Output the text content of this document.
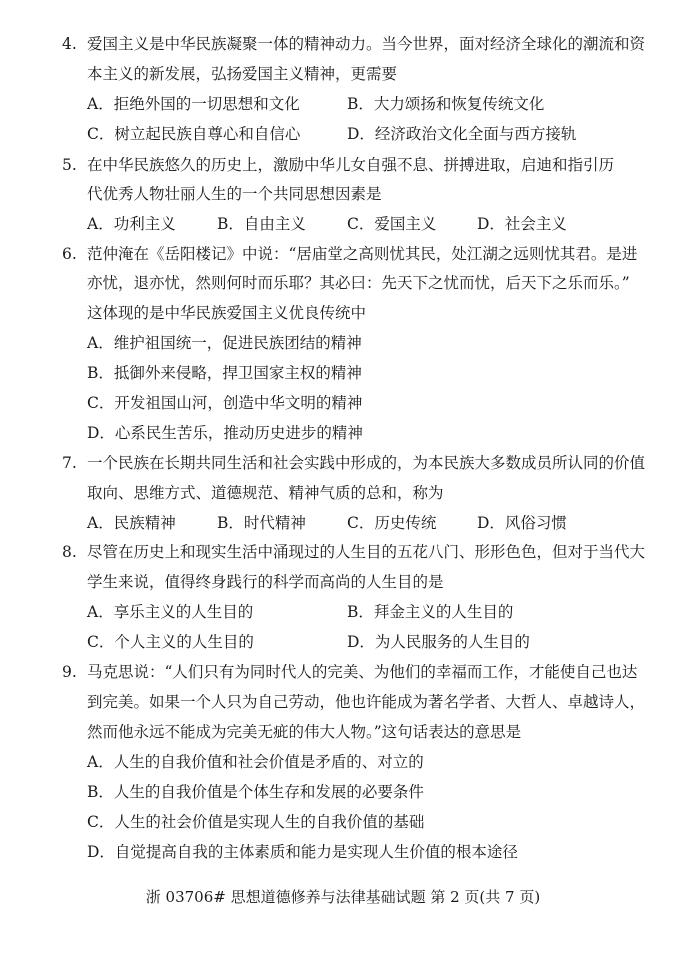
4. 爱国主义是中华民族凝聚一体的精神动力。当今世界，面对经济全球化的潮流和资
本主义的新发展，弘扬爱国主义精神，更需要
A．拒绝外国的一切思想和文化	B．大力颂扬和恢复传统文化
C．树立起民族自尊心和自信心	D．经济政治文化全面与西方接轨
5. 在中华民族悠久的历史上，激励中华儿女自强不息、拼搏进取，启迪和指引历
代优秀人物壮丽人生的一个共同思想因素是
A．功利主义	B．自由主义	C．爱国主义	D．社会主义
6. 范仲淹在《岳阳楼记》中说：“居庙堂之高则忧其民，处江湖之远则忧其君。是进
亦忧，退亦忧，然则何时而乐耶？其必曰：先天下之忧而忧，后天下之乐而乐。”
这体现的是中华民族爱国主义优良传统中
A．维护祖国统一，促进民族团结的精神
B．抵御外来侵略，捍卫国家主权的精神
C．开发祖国山河，创造中华文明的精神
D．心系民生苦乐，推动历史进步的精神
7. 一个民族在长期共同生活和社会实践中形成的，为本民族大多数成员所认同的价值
取向、思维方式、道德规范、精神气质的总和，称为
A．民族精神	B．时代精神	C．历史传统	D．风俗习惯
8. 尽管在历史上和现实生活中涌现过的人生目的五花八门、形形色色，但对于当代大
学生来说，值得终身践行的科学而高尚的人生目的是
A．享乐主义的人生目的	B．拜金主义的人生目的
C．个人主义的人生目的	D．为人民服务的人生目的
9. 马克思说：“人们只有为同时代人的完美、为他们的幸福而工作，才能使自己也达
到完美。如果一个人只为自己劳动，他也许能成为著名学者、大哲人、卓越诗人，
然而他永远不能成为完美无疵的伟大人物。”这句话表达的意思是
A．人生的自我价值和社会价值是矛盾的、对立的
B．人生的自我价值是个体生存和发展的必要条件
C．人生的社会价值是实现人生的自我价值的基础
D．自觉提高自我的主体素质和能力是实现人生价值的根本途径
浙 03706# 思想道德修养与法律基础试题 第 2 页(共 7 页)
